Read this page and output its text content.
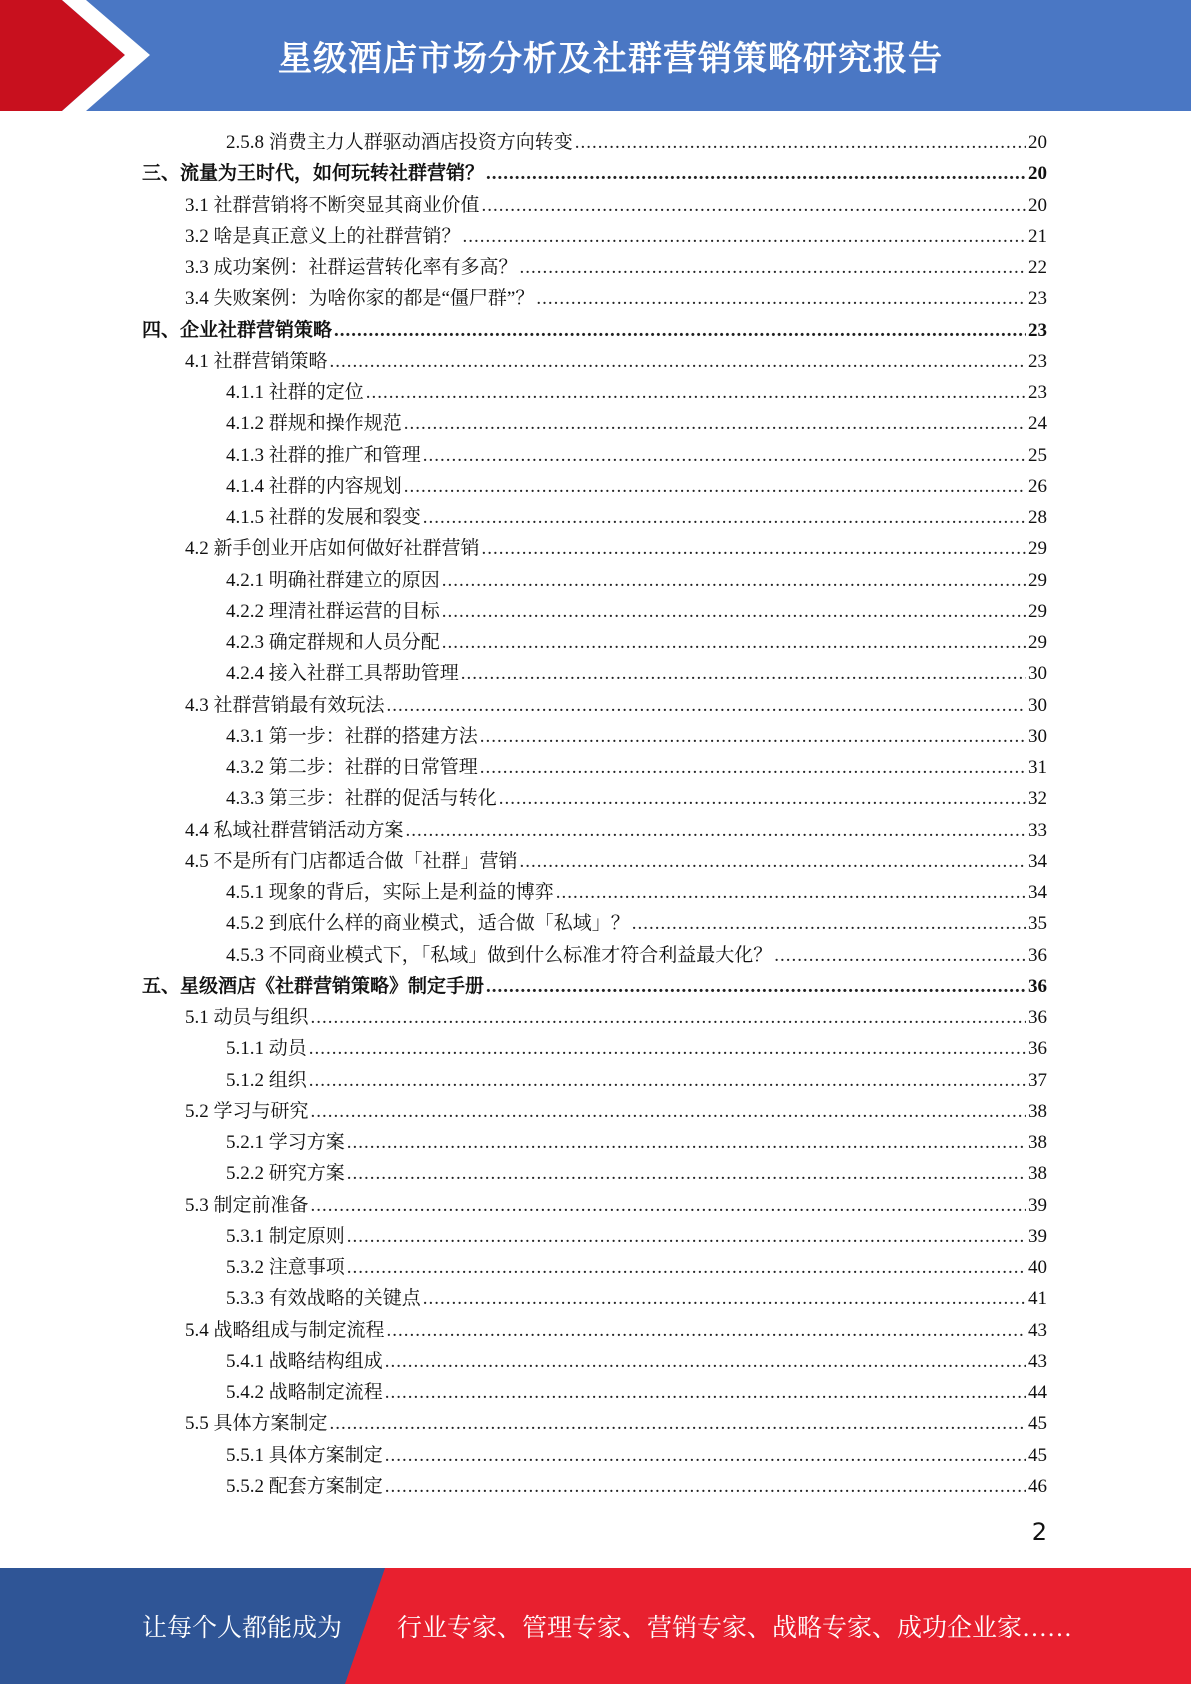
星级酒店市场分析及社群营销策略研究报告
2.5.8 消费主力人群驱动酒店投资方向转变 .....	20
三、流量为王时代，如何玩转社群营销？ .....	20
3.1 社群营销将不断突显其商业价值 .....	20
3.2 啥是真正意义上的社群营销？ .....	21
3.3 成功案例：社群运营转化率有多高？ .....	22
3.4 失败案例：为啥你家的都是“僵尸群”？ .....	23
四、企业社群营销策略 .....	23
4.1 社群营销策略 .....	23
4.1.1 社群的定位 .....	23
4.1.2 群规和操作规范 .....	24
4.1.3 社群的推广和管理 .....	25
4.1.4 社群的内容规划 .....	26
4.1.5 社群的发展和裂变 .....	28
4.2 新手创业开店如何做好社群营销 .....	29
4.2.1 明确社群建立的原因 .....	29
4.2.2 理清社群运营的目标 .....	29
4.2.3 确定群规和人员分配 .....	29
4.2.4 接入社群工具帮助管理 .....	30
4.3 社群营销最有效玩法 .....	30
4.3.1 第一步：社群的搭建方法 .....	30
4.3.2 第二步：社群的日常管理 .....	31
4.3.3 第三步：社群的促活与转化 .....	32
4.4 私域社群营销活动方案 .....	33
4.5 不是所有门店都适合做「社群」营销 .....	34
4.5.1 现象的背后，实际上是利益的博弈 .....	34
4.5.2 到底什么样的商业模式，适合做「私域」？ .....	35
4.5.3 不同商业模式下，「私域」做到什么标准才符合利益最大化？ .....	36
五、星级酒店《社群营销策略》制定手册 .....	36
5.1 动员与组织 .....	36
5.1.1 动员 .....	36
5.1.2 组织 .....	37
5.2 学习与研究 .....	38
5.2.1 学习方案 .....	38
5.2.2 研究方案 .....	38
5.3 制定前准备 .....	39
5.3.1 制定原则 .....	39
5.3.2 注意事项 .....	40
5.3.3 有效战略的关键点 .....	41
5.4 战略组成与制定流程 .....	43
5.4.1 战略结构组成 .....	43
5.4.2 战略制定流程 .....	44
5.5 具体方案制定 .....	45
5.5.1 具体方案制定 .....	45
5.5.2 配套方案制定 .....	46
2
让每个人都能成为 行业专家、管理专家、营销专家、战略专家、成功企业家……
